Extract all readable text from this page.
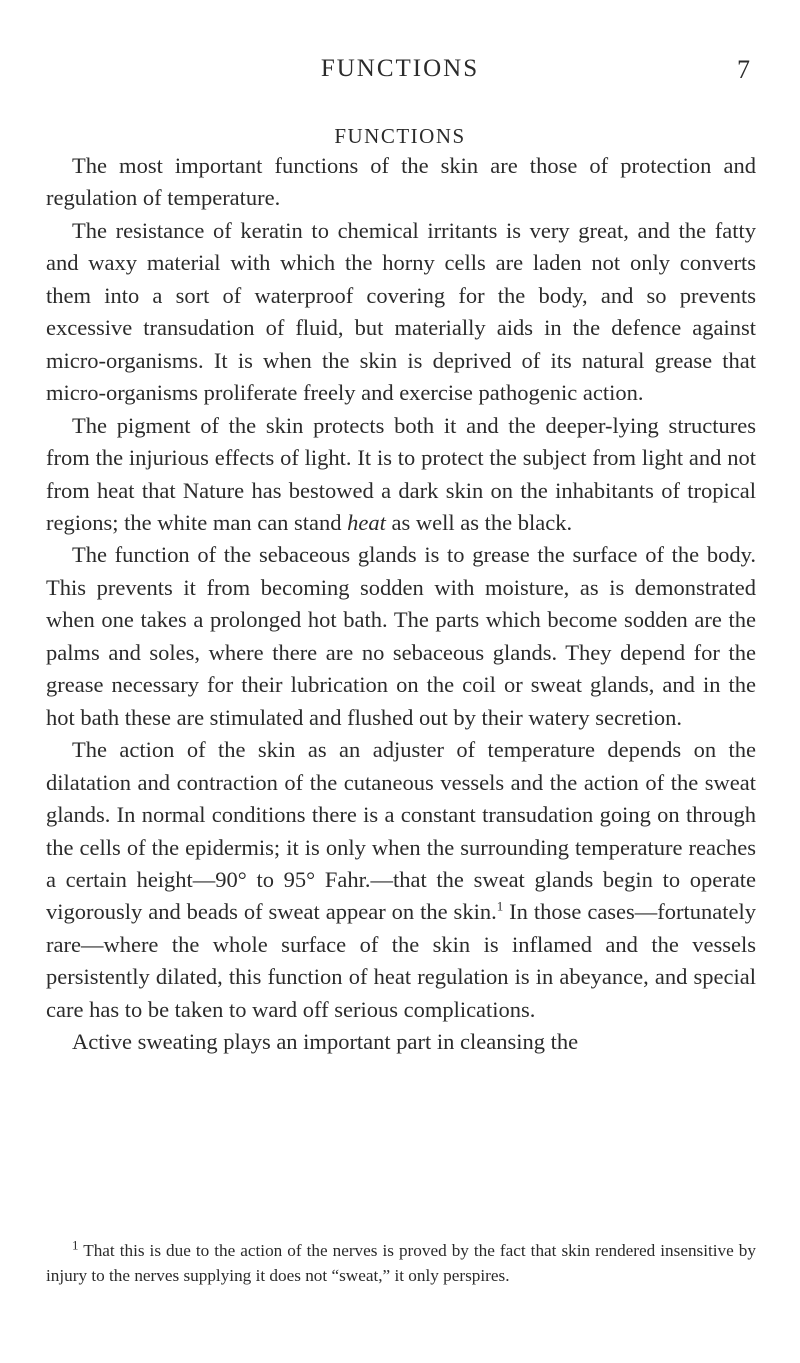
FUNCTIONS	7
FUNCTIONS

The most important functions of the skin are those of protection and regulation of temperature.

The resistance of keratin to chemical irritants is very great, and the fatty and waxy material with which the horny cells are laden not only converts them into a sort of waterproof covering for the body, and so prevents excessive transudation of fluid, but materially aids in the defence against micro-organisms. It is when the skin is deprived of its natural grease that micro-organisms proliferate freely and exercise pathogenic action.

The pigment of the skin protects both it and the deeper-lying structures from the injurious effects of light. It is to protect the subject from light and not from heat that Nature has bestowed a dark skin on the inhabitants of tropical regions; the white man can stand heat as well as the black.

The function of the sebaceous glands is to grease the surface of the body. This prevents it from becoming sodden with moisture, as is demonstrated when one takes a prolonged hot bath. The parts which become sodden are the palms and soles, where there are no sebaceous glands. They depend for the grease necessary for their lubrication on the coil or sweat glands, and in the hot bath these are stimulated and flushed out by their watery secretion.

The action of the skin as an adjuster of temperature depends on the dilatation and contraction of the cutaneous vessels and the action of the sweat glands. In normal conditions there is a constant transudation going on through the cells of the epidermis; it is only when the surrounding temperature reaches a certain height—90° to 95° Fahr.—that the sweat glands begin to operate vigorously and beads of sweat appear on the skin.$^1$ In those cases—fortunately rare—where the whole surface of the skin is inflamed and the vessels persistently dilated, this function of heat regulation is in abeyance, and special care has to be taken to ward off serious complications.

Active sweating plays an important part in cleansing the

$^1$ That this is due to the action of the nerves is proved by the fact that skin rendered insensitive by injury to the nerves supplying it does not “sweat,” it only perspires.
